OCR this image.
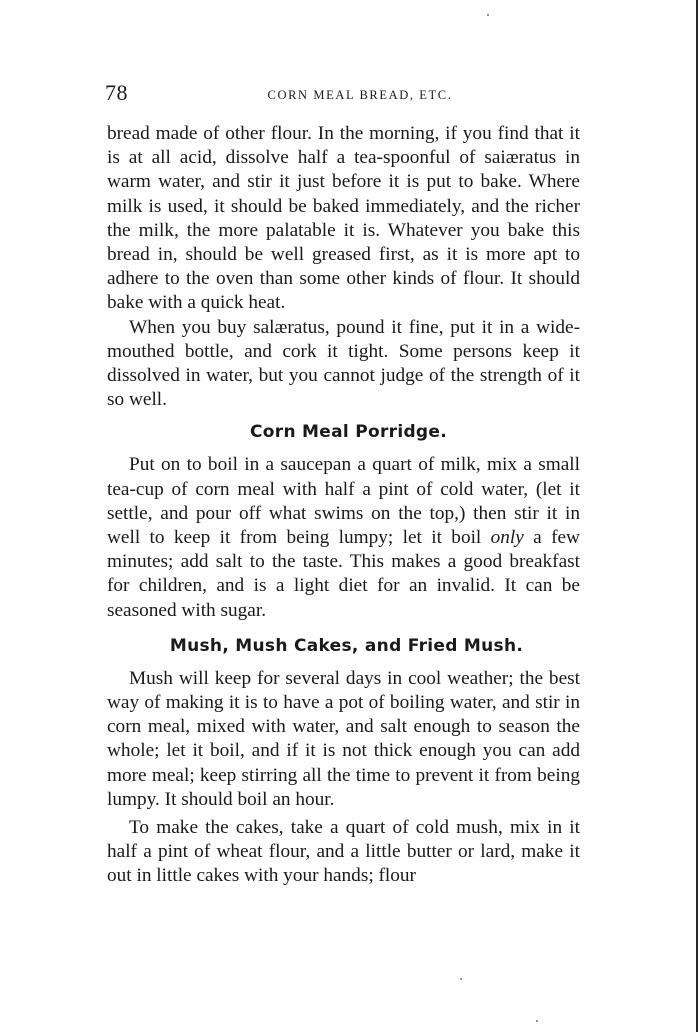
78	CORN MEAL BREAD, ETC.

bread made of other flour. In the morning, if you find that it is at all acid, dissolve half a tea-spoonful of saiæratus in warm water, and stir it just before it is put to bake. Where milk is used, it should be baked immediately, and the richer the milk, the more palatable it is. Whatever you bake this bread in, should be well greased first, as it is more apt to adhere to the oven than some other kinds of flour. It should bake with a quick heat.

When you buy salæratus, pound it fine, put it in a wide-mouthed bottle, and cork it tight. Some persons keep it dissolved in water, but you cannot judge of the strength of it so well.

Corn Meal Porridge.

Put on to boil in a saucepan a quart of milk, mix a small tea-cup of corn meal with half a pint of cold water, (let it settle, and pour off what swims on the top,) then stir it in well to keep it from being lumpy; let it boil only a few minutes; add salt to the taste. This makes a good breakfast for children, and is a light diet for an invalid. It can be seasoned with sugar.

Mush, Mush Cakes, and Fried Mush.

Mush will keep for several days in cool weather; the best way of making it is to have a pot of boiling water, and stir in corn meal, mixed with water, and salt enough to season the whole; let it boil, and if it is not thick enough you can add more meal; keep stirring all the time to prevent it from being lumpy. It should boil an hour.

To make the cakes, take a quart of cold mush, mix in it half a pint of wheat flour, and a little butter or lard, make it out in little cakes with your hands; flour
